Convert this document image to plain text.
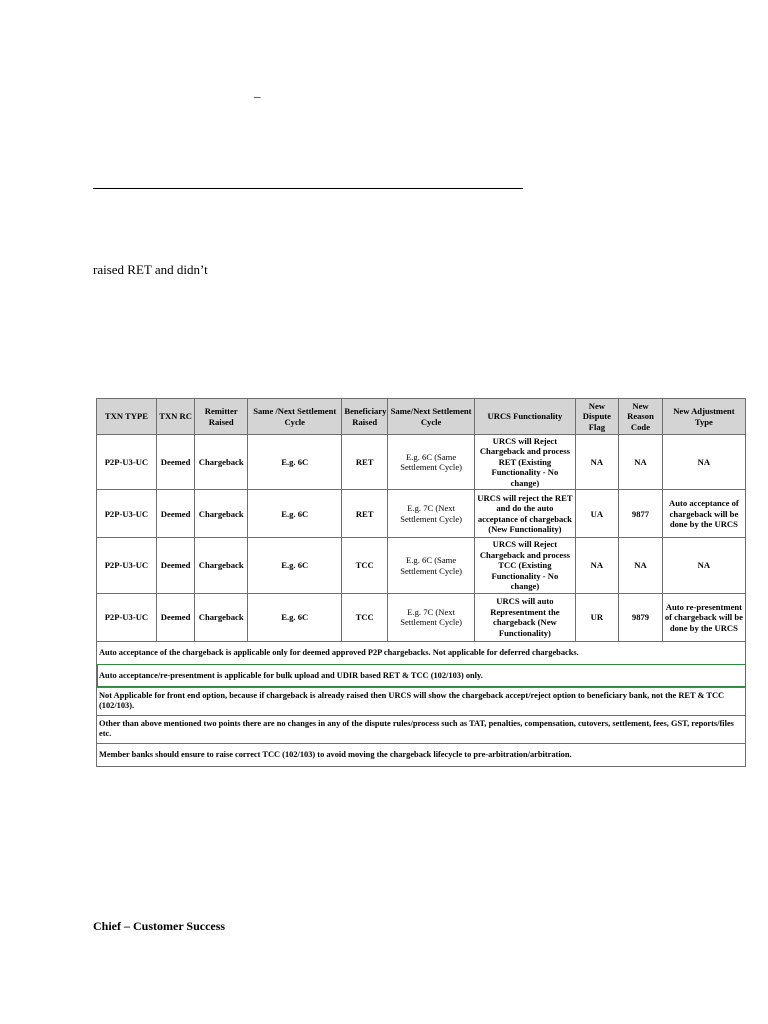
_
raised RET and didn’t
TXN TYPE	TXN RC	Remitter Raised	Same /Next Settlement Cycle	Beneficiary Raised	Same/Next Settlement Cycle	URCS Functionality	New Dispute Flag	New Reason Code	New Adjustment Type
P2P-U3-UC	Deemed	Chargeback	E.g. 6C	RET	E.g. 6C (Same Settlement Cycle)	URCS will Reject Chargeback and process RET (Existing Functionality - No change)	NA	NA	NA
P2P-U3-UC	Deemed	Chargeback	E.g. 6C	RET	E.g. 7C (Next Settlement Cycle)	URCS will reject the RET and do the auto acceptance of chargeback (New Functionality)	UA	9877	Auto acceptance of chargeback will be done by the URCS
P2P-U3-UC	Deemed	Chargeback	E.g. 6C	TCC	E.g. 6C (Same Settlement Cycle)	URCS will Reject Chargeback and process TCC (Existing Functionality - No change)	NA	NA	NA
P2P-U3-UC	Deemed	Chargeback	E.g. 6C	TCC	E.g. 7C (Next Settlement Cycle)	URCS will auto Representment the chargeback (New Functionality)	UR	9879	Auto re-presentment of chargeback will be done by the URCS
Auto acceptance of the chargeback is applicable only for deemed approved P2P chargebacks. Not applicable for deferred chargebacks.									
Auto acceptance/re-presentment is applicable for bulk upload and UDIR based RET & TCC (102/103) only.									
Not Applicable for front end option, because if chargeback is already raised then URCS will show the chargeback accept/reject option to beneficiary bank, not the RET & TCC (102/103).									
Other than above mentioned two points there are no changes in any of the dispute rules/process such as TAT, penalties, compensation, cutovers, settlement, fees, GST, reports/files etc.									
Member banks should ensure to raise correct TCC (102/103) to avoid moving the chargeback lifecycle to pre-arbitration/arbitration.									
Chief – Customer Success
